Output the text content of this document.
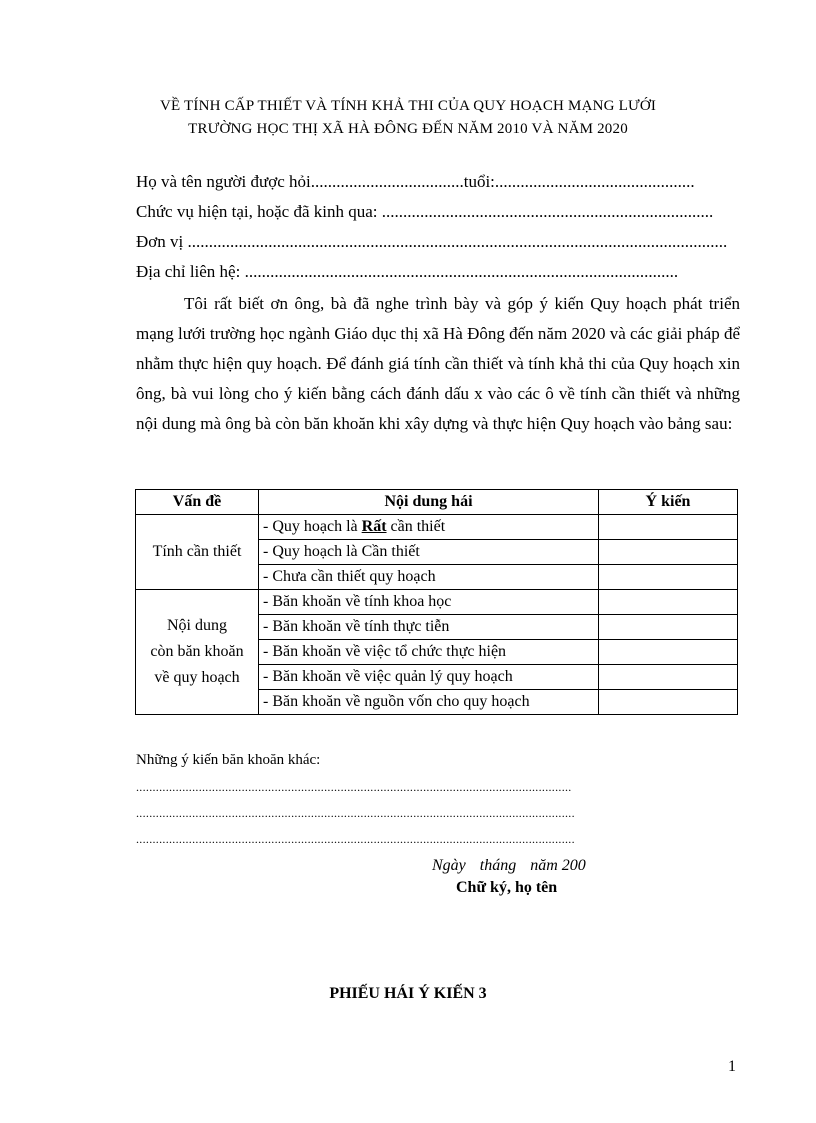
VỀ TÍNH CẤP THIẾT VÀ TÍNH KHẢ THI CỦA QUY HOẠCH MẠNG LƯỚI
TRƯỜNG HỌC THỊ XÃ HÀ ĐÔNG ĐẾN NĂM 2010 VÀ NĂM 2020
Họ và tên người được hỏi....................................tuổi:...............................................
Chức vụ hiện tại, hoặc đã kinh qua: ..............................................................................
Đơn vị ...............................................................................................................................
Địa chỉ liên hệ: ......................................................................................................

Tôi rất biết ơn ông, bà đã nghe trình bày và góp ý kiến Quy hoạch phát triển mạng lưới trường học ngành Giáo dục thị xã Hà Đông đến năm 2020 và các giải pháp để nhằm thực hiện quy hoạch. Để đánh giá tính cần thiết và tính khả thi của Quy hoạch xin ông, bà vui lòng cho ý kiến bằng cách đánh dấu x vào các ô về tính cần thiết và những nội dung mà ông bà còn băn khoăn khi xây dựng và thực hiện Quy hoạch vào bảng sau:

Vấn đề	Nội dung hái	Ý kiến
Tính cần thiết	- Quy hoạch là Rất cần thiết	
	- Quy hoạch là Cần thiết	
	- Chưa cần thiết quy hoạch	

Nội dung
còn băn khoăn
về quy hoạch	- Băn khoăn về tính khoa học	
	- Băn khoăn về tính thực tiễn	
	- Băn khoăn về việc tổ chức thực hiện	
	- Băn khoăn về việc quản lý quy hoạch	
	- Băn khoăn về nguồn vốn cho quy hoạch	
Những ý kiến băn khoăn khác:
....................................................................................................................................
.....................................................................................................................................
.....................................................................................................................................
Ngày tháng năm 200
Chữ ký, họ tên
PHIẾU HÁI Ý KIẾN 3
1
